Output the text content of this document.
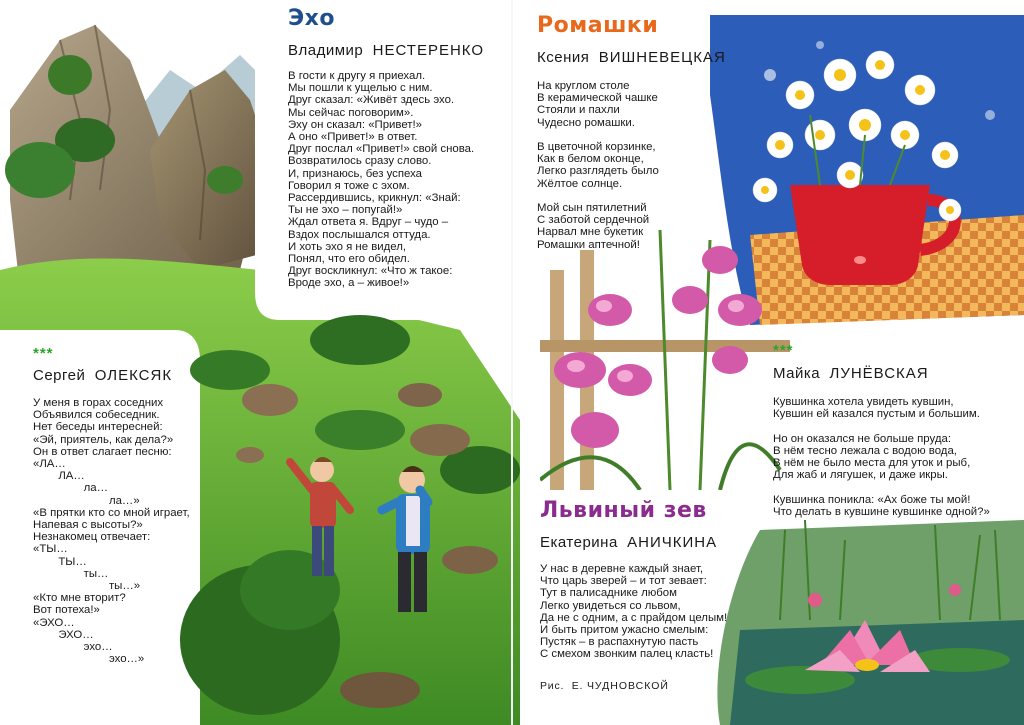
Эхо
Владимир НЕСТЕРЕНКО
В гости к другу я приехал.
Мы пошли к ущелью с ним.
Друг сказал: «Живёт здесь эхо.
Мы сейчас поговорим».
Эху он сказал: «Привет!»
А оно «Привет!» в ответ.
Друг послал «Привет!» свой снова.
Возвратилось сразу слово.
И, признаюсь, без успеха
Говорил я тоже с эхом.
Рассердившись, крикнул: «Знай:
Ты не эхо – попугай!»
Ждал ответа я. Вдруг – чудо –
Вздох послышался оттуда.
И хоть эхо я не видел,
Понял, что его обидел.
Друг воскликнул: «Что ж такое:
Вроде эхо, а – живое!»
***
Сергей ОЛЕКСЯК
У меня в горах соседних
Объявился собеседник.
Нет беседы интересней:
«Эй, приятель, как дела?»
Он в ответ слагает песню:
«ЛА…
ЛА…
ла…
ла…»
«В прятки кто со мной играет,
Напевая с высоты?»
Незнакомец отвечает:
«ТЫ…
ТЫ…
ты…
ты…»
«Кто мне вторит?
Вот потеха!»
«ЭХО…
ЭХО…
эхо…
эхо…»
Ромашки
Ксения ВИШНЕВЕЦКАЯ
На круглом столе
В керамической чашке
Стояли и пахли
Чудесно ромашки.

В цветочной корзинке,
Как в белом оконце,
Легко разглядеть было
Жёлтое солнце.

Мой сын пятилетний
С заботой сердечной
Нарвал мне букетик
Ромашки аптечной!
***
Майка ЛУНЁВСКАЯ
Кувшинка хотела увидеть кувшин,
Кувшин ей казался пустым и большим.

Но он оказался не больше пруда:
В нём тесно лежала с водою вода,
В нём не было места для уток и рыб,
Для жаб и лягушек, и даже икры.

Кувшинка поникла: «Ах боже ты мой!
Что делать в кувшине кувшинке одной?»
Львиный зев
Екатерина АНИЧКИНА
У нас в деревне каждый знает,
Что царь зверей – и тот зевает:
Тут в палисаднике любом
Легко увидеться со львом,
Да не с одним, а с прайдом целым!
И быть притом ужасно смелым:
Пустяк – в распахнутую пасть
С смехом звонким палец класть!
Рис. Е. ЧУДНОВСКОЙ
